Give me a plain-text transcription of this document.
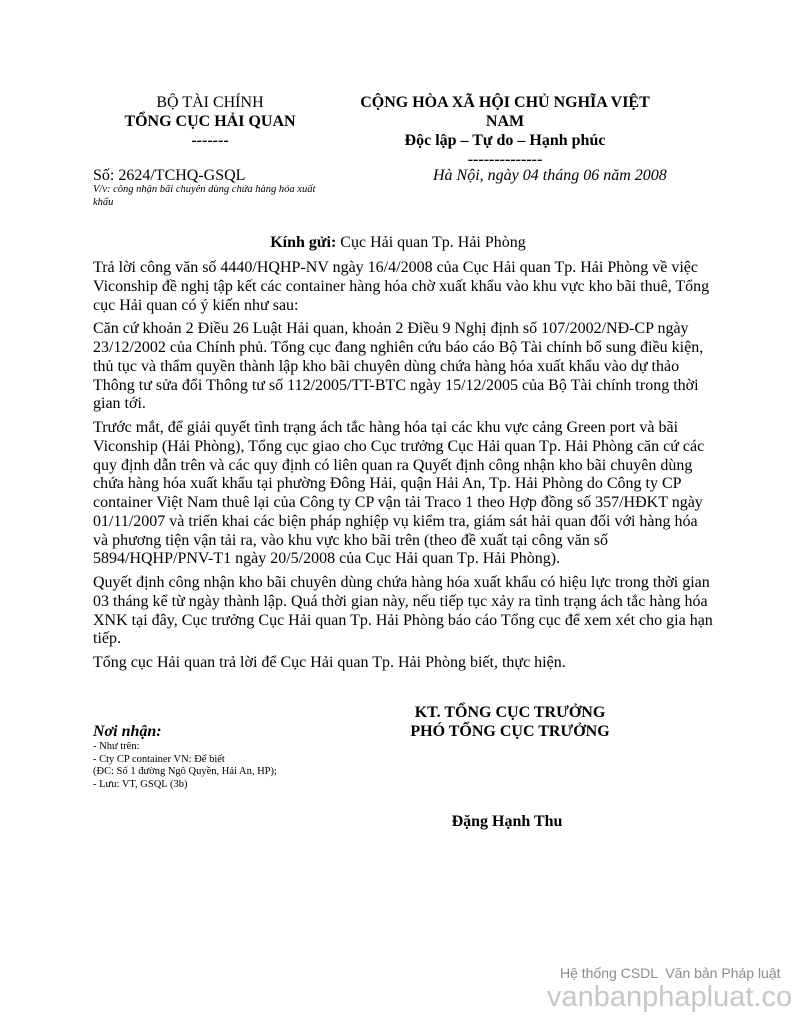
BỘ TÀI CHÍNH
TỔNG CỤC HẢI QUAN
-------
CỘNG HÒA XÃ HỘI CHỦ NGHĨA VIỆT
NAM
Độc lập – Tự do – Hạnh phúc
--------------
Số: 2624/TCHQ-GSQL
V/v: công nhận bãi chuyên dùng chứa hàng hóa xuất
khẩu
Hà Nội, ngày 04 tháng 06 năm 2008
Kính gửi: Cục Hải quan Tp. Hải Phòng
Trả lời công văn số 4440/HQHP-NV ngày 16/4/2008 của Cục Hải quan Tp. Hải Phòng về việc
Viconship đề nghị tập kết các container hàng hóa chờ xuất khẩu vào khu vực kho bãi thuê, Tổng
cục Hải quan có ý kiến như sau:
Căn cứ khoản 2 Điều 26 Luật Hải quan, khoản 2 Điều 9 Nghị định số 107/2002/NĐ-CP ngày
23/12/2002 của Chính phủ. Tổng cục đang nghiên cứu báo cáo Bộ Tài chính bổ sung điều kiện,
thủ tục và thẩm quyền thành lập kho bãi chuyên dùng chứa hàng hóa xuất khẩu vào dự thảo
Thông tư sửa đổi Thông tư số 112/2005/TT-BTC ngày 15/12/2005 của Bộ Tài chính trong thời
gian tới.
Trước mắt, để giải quyết tình trạng ách tắc hàng hóa tại các khu vực cảng Green port và bãi
Viconship (Hải Phòng), Tổng cục giao cho Cục trưởng Cục Hải quan Tp. Hải Phòng căn cứ các
quy định dẫn trên và các quy định có liên quan ra Quyết định công nhận kho bãi chuyên dùng
chứa hàng hóa xuất khẩu tại phường Đông Hải, quận Hải An, Tp. Hải Phòng do Công ty CP
container Việt Nam thuê lại của Công ty CP vận tải Traco 1 theo Hợp đồng số 357/HĐKT ngày
01/11/2007 và triển khai các biện pháp nghiệp vụ kiểm tra, giám sát hải quan đối với hàng hóa
và phương tiện vận tải ra, vào khu vực kho bãi trên (theo đề xuất tại công văn số
5894/HQHP/PNV-T1 ngày 20/5/2008 của Cục Hải quan Tp. Hải Phòng).
Quyết định công nhận kho bãi chuyên dùng chứa hàng hóa xuất khẩu có hiệu lực trong thời gian
03 tháng kể từ ngày thành lập. Quá thời gian này, nếu tiếp tục xảy ra tình trạng ách tắc hàng hóa
XNK tại đây, Cục trưởng Cục Hải quan Tp. Hải Phòng báo cáo Tổng cục để xem xét cho gia hạn
tiếp.
Tổng cục Hải quan trả lời để Cục Hải quan Tp. Hải Phòng biết, thực hiện.
KT. TỔNG CỤC TRƯỞNG
PHÓ TỔNG CỤC TRƯỞNG
Đặng Hạnh Thu
Nơi nhận:
- Như trên:
- Cty CP container VN: Để biết
(ĐC: Số 1 đường Ngô Quyền, Hải An, HP);
- Lưu: VT, GSQL (3b)
Hệ thống CSDL  Văn bản Pháp luật
vanbanphapluat.co
